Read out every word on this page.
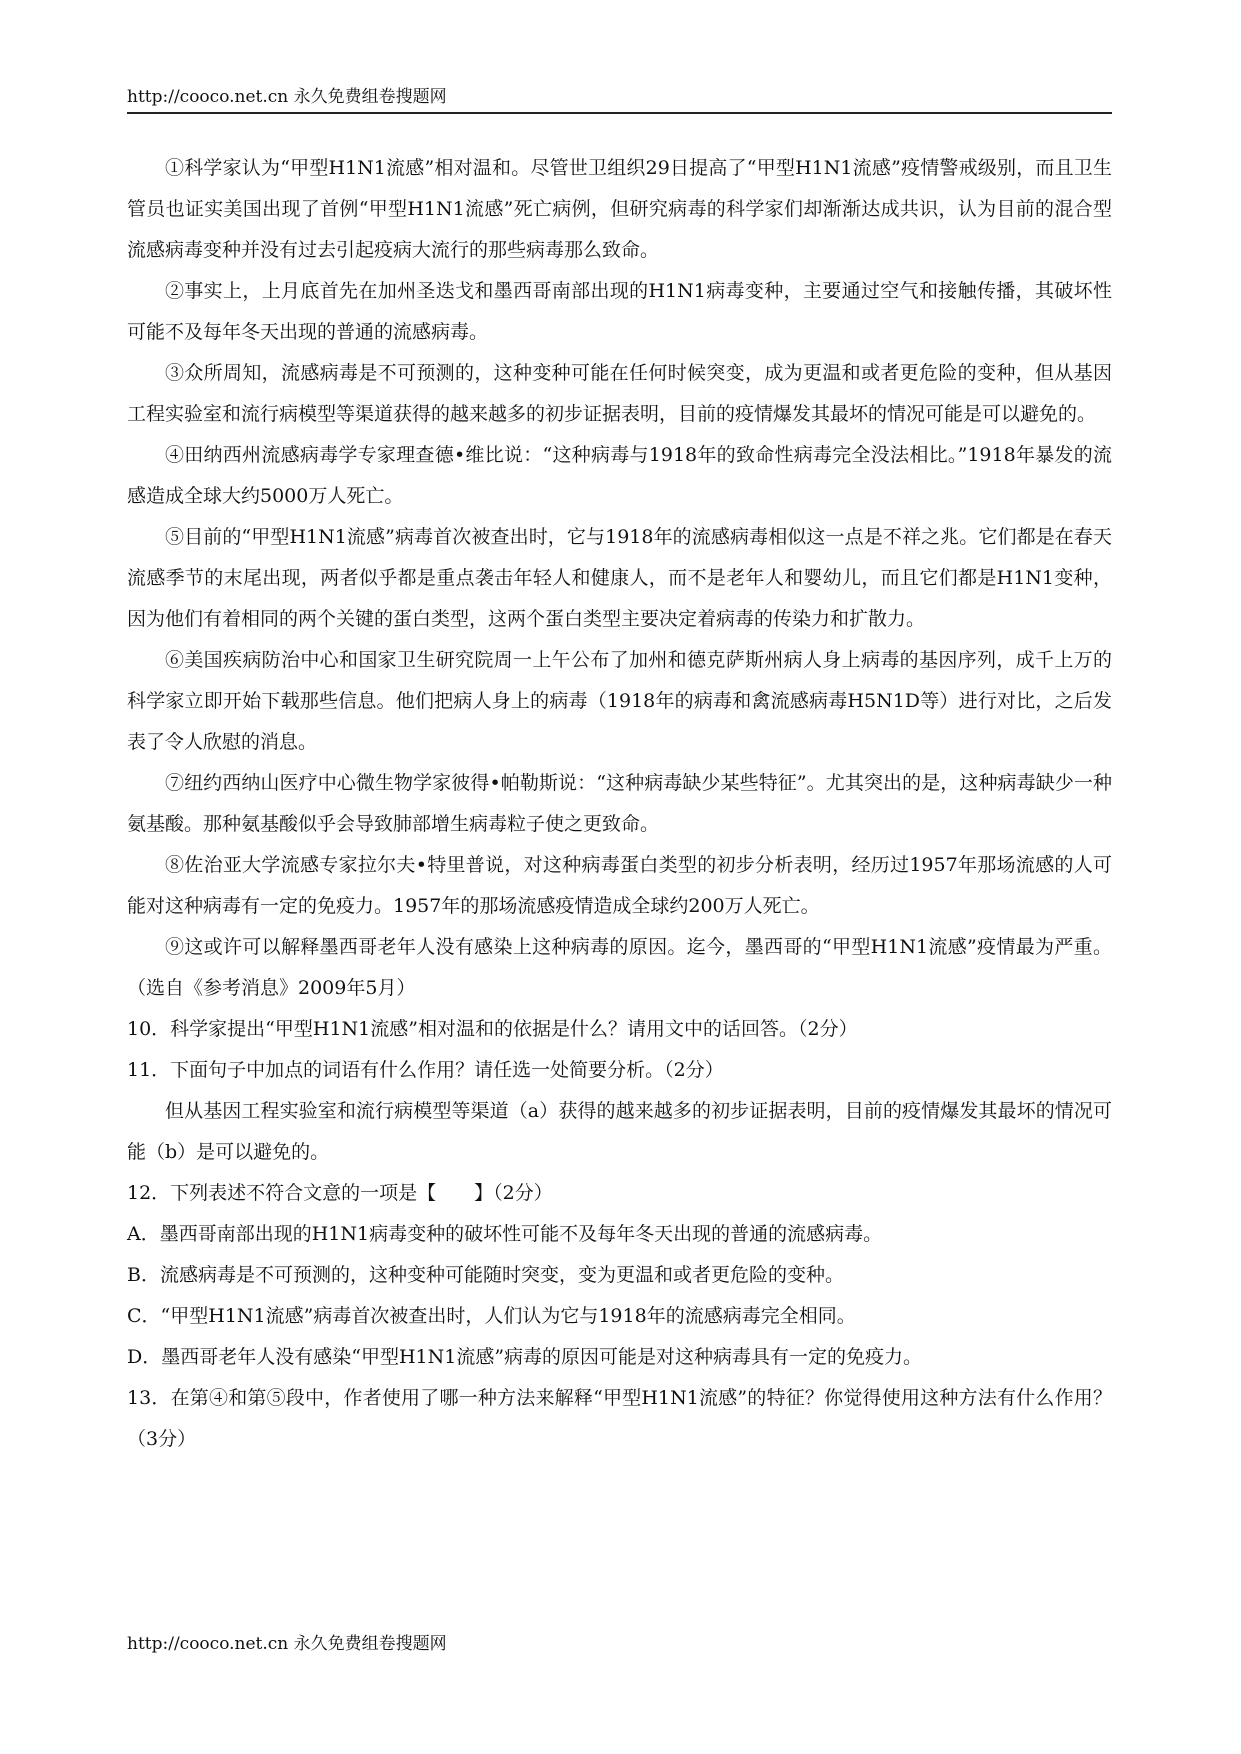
http://cooco.net.cn 永久免费组卷搜题网

①科学家认为“甲型H1N1流感”相对温和。尽管世卫组织29日提高了“甲型H1N1流感”疫情警戒级别，而且卫生管员也证实美国出现了首例“甲型H1N1流感”死亡病例，但研究病毒的科学家们却渐渐达成共识，认为目前的混合型流感病毒变种并没有过去引起疫病大流行的那些病毒那么致命。

②事实上，上月底首先在加州圣迭戈和墨西哥南部出现的H1N1病毒变种，主要通过空气和接触传播，其破坏性可能不及每年冬天出现的普通的流感病毒。

③众所周知，流感病毒是不可预测的，这种变种可能在任何时候突变，成为更温和或者更危险的变种，但从基因工程实验室和流行病模型等渠道获得的越来越多的初步证据表明，目前的疫情爆发其最坏的情况可能是可以避免的。

④田纳西州流感病毒学专家理查德•维比说：“这种病毒与1918年的致命性病毒完全没法相比。”1918年暴发的流感造成全球大约5000万人死亡。

⑤目前的“甲型H1N1流感”病毒首次被查出时，它与1918年的流感病毒相似这一点是不祥之兆。它们都是在春天流感季节的末尾出现，两者似乎都是重点袭击年轻人和健康人，而不是老年人和婴幼儿，而且它们都是H1N1变种，因为他们有着相同的两个关键的蛋白类型，这两个蛋白类型主要决定着病毒的传染力和扩散力。

⑥美国疾病防治中心和国家卫生研究院周一上午公布了加州和德克萨斯州病人身上病毒的基因序列，成千上万的科学家立即开始下载那些信息。他们把病人身上的病毒（1918年的病毒和禽流感病毒H5N1D等）进行对比，之后发表了令人欣慰的消息。

⑦纽约西纳山医疗中心微生物学家彼得•帕勒斯说：“这种病毒缺少某些特征”。尤其突出的是，这种病毒缺少一种氨基酸。那种氨基酸似乎会导致肺部增生病毒粒子使之更致命。

⑧佐治亚大学流感专家拉尔夫•特里普说，对这种病毒蛋白类型的初步分析表明，经历过1957年那场流感的人可能对这种病毒有一定的免疫力。1957年的那场流感疫情造成全球约200万人死亡。

⑨这或许可以解释墨西哥老年人没有感染上这种病毒的原因。迄今，墨西哥的“甲型H1N1流感”疫情最为严重。（选自《参考消息》2009年5月）

10．科学家提出“甲型H1N1流感”相对温和的依据是什么？请用文中的话回答。（2分）

11．下面句子中加点的词语有什么作用？请任选一处简要分析。（2分）

但从基因工程实验室和流行病模型等渠道（a）获得的越来越多的初步证据表明，目前的疫情爆发其最坏的情况可能（b）是可以避免的。

12．下列表述不符合文意的一项是【　　】（2分）

A．墨西哥南部出现的H1N1病毒变种的破坏性可能不及每年冬天出现的普通的流感病毒。

B．流感病毒是不可预测的，这种变种可能随时突变，变为更温和或者更危险的变种。

C．“甲型H1N1流感”病毒首次被查出时，人们认为它与1918年的流感病毒完全相同。

D．墨西哥老年人没有感染“甲型H1N1流感”病毒的原因可能是对这种病毒具有一定的免疫力。

13．在第④和第⑤段中，作者使用了哪一种方法来解释“甲型H1N1流感”的特征？你觉得使用这种方法有什么作用？（3分）

http://cooco.net.cn 永久免费组卷搜题网
